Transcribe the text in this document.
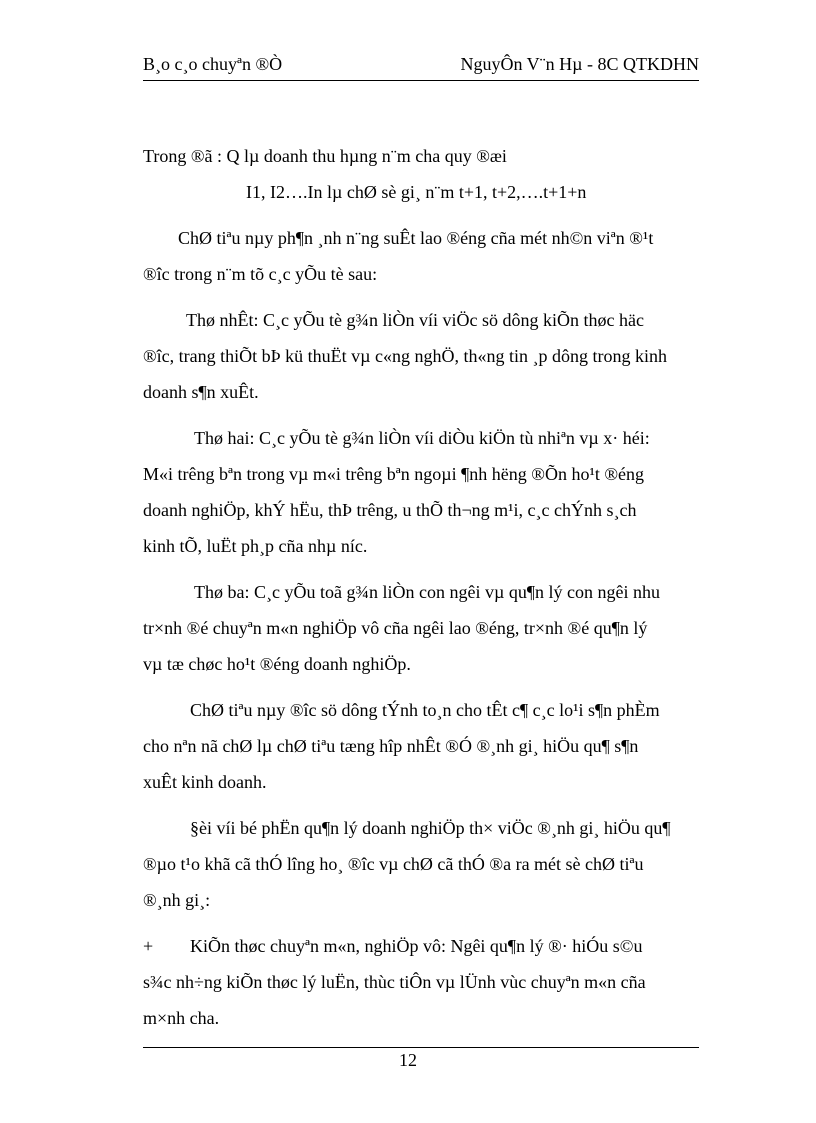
B¸o c¸o chuyªn ®Ò	NguyÔn V¨n Hµ - 8C QTKDHN

Trong ®ã : Q lµ doanh thu hµng n¨m cha quy ®æi

I1, I2….In lµ chØ sè gi¸ n¨m t+1, t+2,….t+1+n

ChØ tiªu nµy ph¶n ¸nh n¨ng suÊt lao ®éng cña mét nh©n viªn ®¹t
®îc trong n¨m tõ c¸c yÕu tè sau:

Thø nhÊt: C¸c yÕu tè g¾n liÒn víi viÖc sö dông kiÕn thøc häc
®îc, trang thiÕt bÞ kü thuËt vµ c«ng nghÖ, th«ng tin ¸p dông trong kinh
doanh s¶n xuÊt.

Thø hai: C¸c yÕu tè g¾n liÒn víi diÒu kiÖn tù nhiªn vµ x· héi:
M«i trêng bªn trong vµ m«i trêng bªn ngoµi ¶nh hëng ®Õn ho¹t ®éng
doanh nghiÖp, khÝ hËu, thÞ trêng, u thÕ th¬ng m¹i, c¸c chÝnh s¸ch
kinh tÕ, luËt ph¸p cña nhµ níc.

Thø ba: C¸c yÕu toã g¾n liÒn con ngêi vµ qu¶n lý con ngêi nhu
tr×nh ®é chuyªn m«n nghiÖp vô cña ngêi lao ®éng, tr×nh ®é qu¶n lý
vµ tæ chøc ho¹t ®éng doanh nghiÖp.

ChØ tiªu nµy ®îc sö dông tÝnh to¸n cho tÊt c¶ c¸c lo¹i s¶n phÈm
cho nªn nã chØ lµ chØ tiªu tæng hîp nhÊt ®Ó ®¸nh gi¸ hiÖu qu¶ s¶n
xuÊt kinh doanh.

§èi víi bé phËn qu¶n lý doanh nghiÖp th× viÖc ®¸nh gi¸ hiÖu qu¶
®µo t¹o khã cã thÓ lîng ho¸ ®îc vµ chØ cã thÓ ®a ra mét sè chØ tiªu
®¸nh gi¸:

+ KiÕn thøc chuyªn m«n, nghiÖp vô: Ngêi qu¶n lý ®· hiÓu s©u
s¾c nh÷ng kiÕn thøc lý luËn, thùc tiÔn vµ lÜnh vùc chuyªn m«n cña
m×nh cha.

12
